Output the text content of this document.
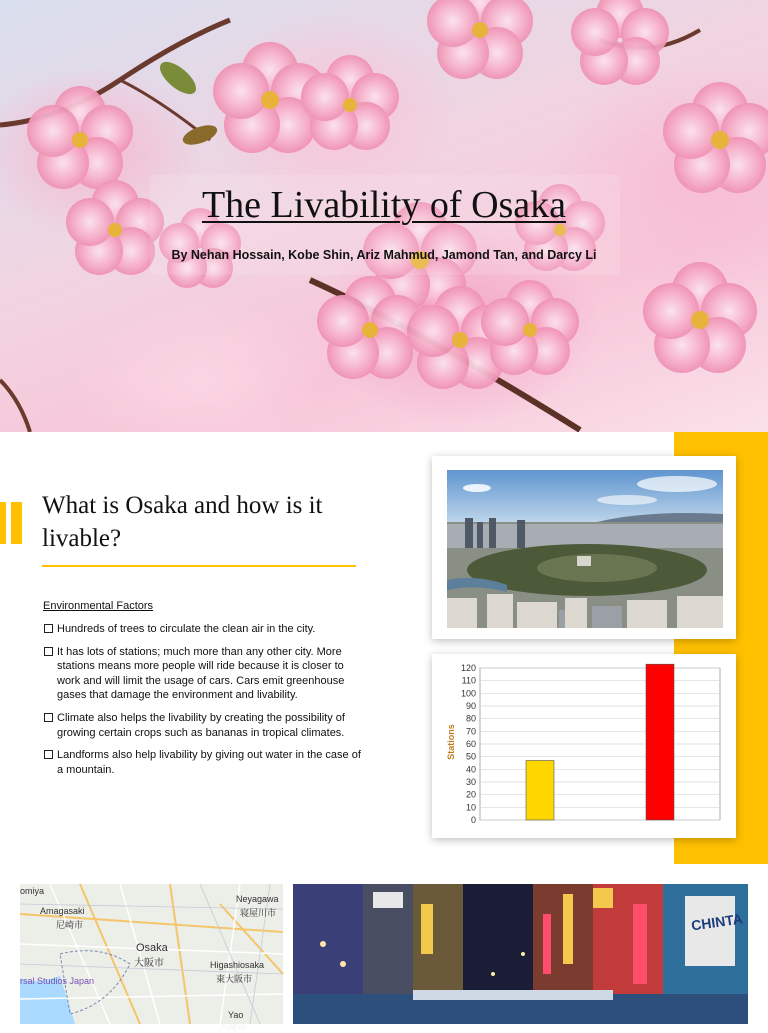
The Livability of Osaka
By Nehan Hossain, Kobe Shin, Ariz Mahmud, Jamond Tan, and Darcy Li
What is Osaka and how is it livable?
Environmental Factors
Hundreds of trees to circulate the clean air in the city.
It has lots of stations; much more than any other city. More stations means more people will ride because it is closer to work and will limit the usage of cars. Cars emit greenhouse gases that damage the environment and livability.
Climate also helps the livability by creating the possibility of growing certain crops such as bananas in tropical climates.
Landforms also help livability by giving out water in the case of a mountain.
0
10
20
30
40
50
60
70
80
90
100
110
120
Stations
omiya
Amagasaki
尼崎市
Neyagawa
寝屋川市
Osaka
大阪市	Higashiosaka
東大阪市
rsal Studios Japan
Yao
八尾市
CHINTA
